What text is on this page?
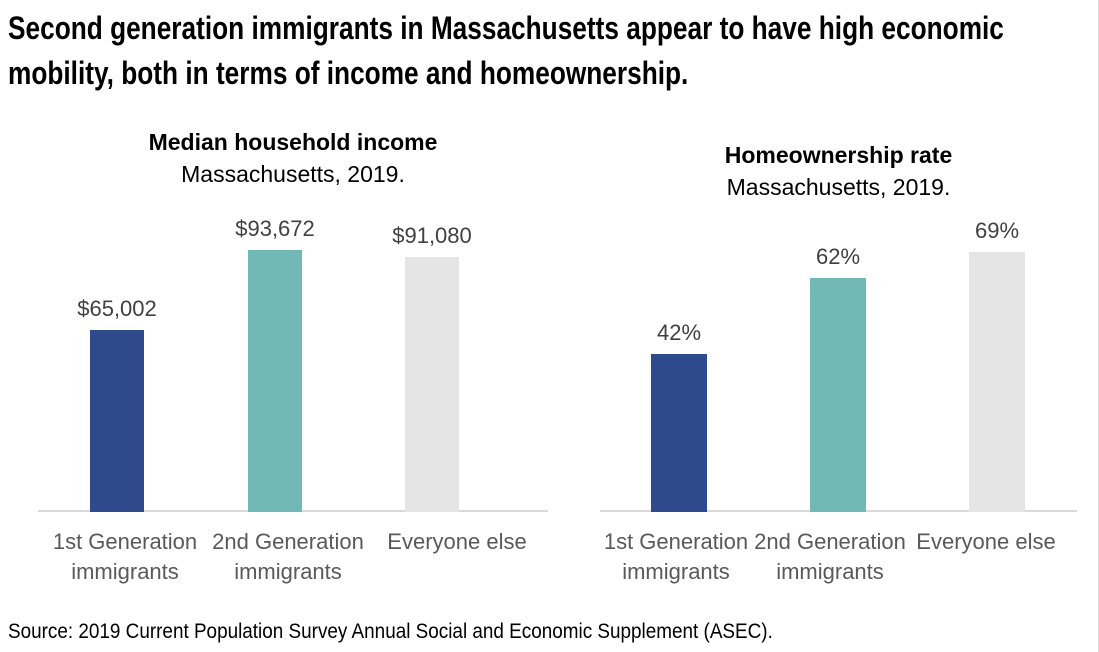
Second generation immigrants in Massachusetts appear to have high economic
mobility, both in terms of income and homeownership.
Median household income
Massachusetts, 2019.
$65,002
1st Generation immigrants
$93,672
2nd Generation immigrants
$91,080
Everyone else
Homeownership rate
Massachusetts, 2019.
42%
1st Generation immigrants
62%
2nd Generation immigrants
69%
Everyone else
Source: 2019 Current Population Survey Annual Social and Economic Supplement (ASEC).
